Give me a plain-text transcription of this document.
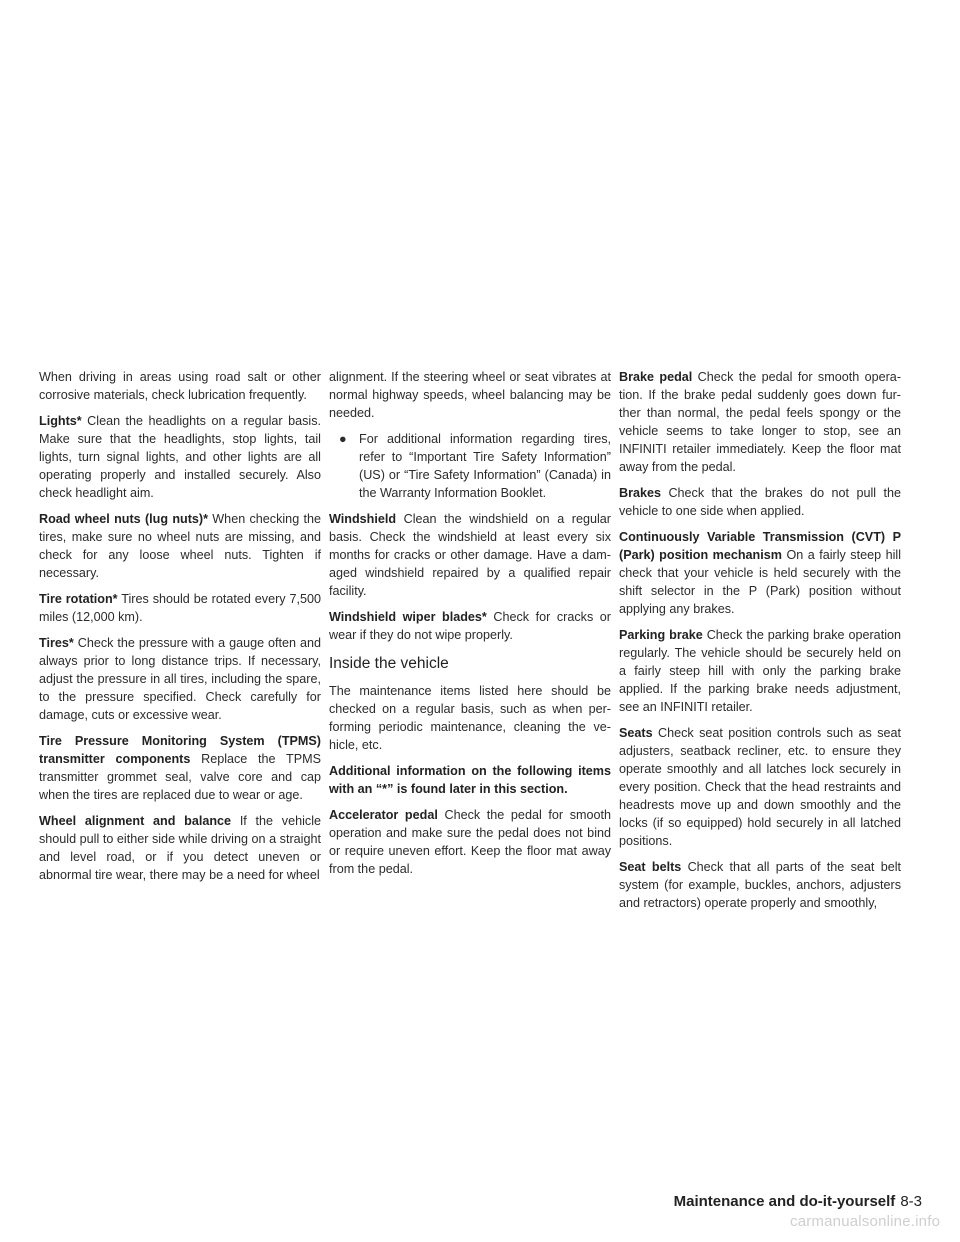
When driving in areas using road salt or other corrosive materials, check lubrication frequently.

Lights* Clean the headlights on a regular basis. Make sure that the headlights, stop lights, tail lights, turn signal lights, and other lights are all operating properly and installed securely. Also check headlight aim.

Road wheel nuts (lug nuts)* When checking the tires, make sure no wheel nuts are missing, and check for any loose wheel nuts. Tighten if necessary.

Tire rotation* Tires should be rotated every 7,500 miles (12,000 km).

Tires* Check the pressure with a gauge often and always prior to long distance trips. If necessary, adjust the pressure in all tires, including the spare, to the pressure specified. Check carefully for damage, cuts or excessive wear.

Tire Pressure Monitoring System (TPMS) transmitter components Replace the TPMS transmitter grommet seal, valve core and cap when the tires are replaced due to wear or age.

Wheel alignment and balance If the vehicle should pull to either side while driving on a straight and level road, or if you detect uneven or abnormal tire wear, there may be a need for wheel

alignment. If the steering wheel or seat vibrates at normal highway speeds, wheel balancing may be needed.

● For additional information regarding tires, refer to “Important Tire Safety Information” (US) or “Tire Safety Information” (Canada) in the Warranty Information Booklet.

Windshield Clean the windshield on a regular basis. Check the windshield at least every six months for cracks or other damage. Have a damaged windshield repaired by a qualified repair facility.

Windshield wiper blades* Check for cracks or wear if they do not wipe properly.

Inside the vehicle

The maintenance items listed here should be checked on a regular basis, such as when performing periodic maintenance, cleaning the vehicle, etc.

Additional information on the following items with an “*” is found later in this section.

Accelerator pedal Check the pedal for smooth operation and make sure the pedal does not bind or require uneven effort. Keep the floor mat away from the pedal.

Brake pedal Check the pedal for smooth operation. If the brake pedal suddenly goes down further than normal, the pedal feels spongy or the vehicle seems to take longer to stop, see an INFINITI retailer immediately. Keep the floor mat away from the pedal.

Brakes Check that the brakes do not pull the vehicle to one side when applied.

Continuously Variable Transmission (CVT) P (Park) position mechanism On a fairly steep hill check that your vehicle is held securely with the shift selector in the P (Park) position without applying any brakes.

Parking brake Check the parking brake operation regularly. The vehicle should be securely held on a fairly steep hill with only the parking brake applied. If the parking brake needs adjustment, see an INFINITI retailer.

Seats Check seat position controls such as seat adjusters, seatback recliner, etc. to ensure they operate smoothly and all latches lock securely in every position. Check that the head restraints and headrests move up and down smoothly and the locks (if so equipped) hold securely in all latched positions.

Seat belts Check that all parts of the seat belt system (for example, buckles, anchors, adjusters and retractors) operate properly and smoothly,

Maintenance and do-it-yourself 8-3
carmanualsonline.info
